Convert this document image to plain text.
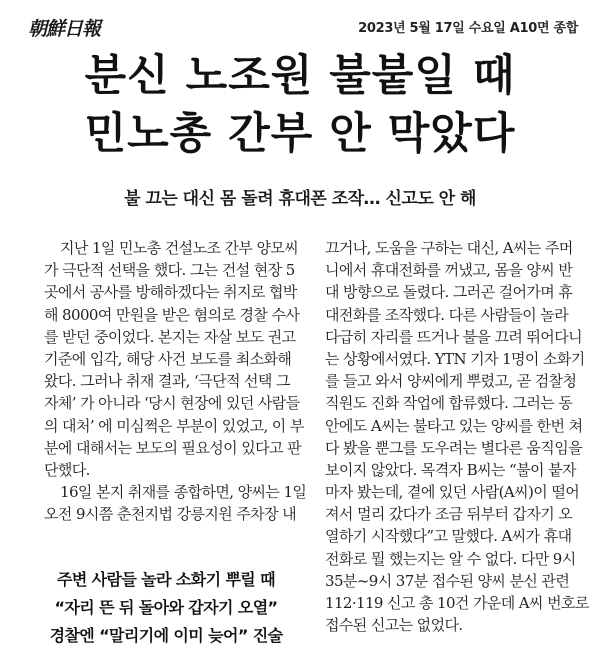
朝鮮日報	2023년 5월 17일 수요일 A10면 종합
분신 노조원 불붙일 때
민노총 간부 안 막았다
불 끄는 대신 몸 돌려 휴대폰 조작… 신고도 안 해
지난 1일 민노총 건설노조 간부 양모씨
가 극단적 선택을 했다. 그는 건설 현장 5
곳에서 공사를 방해하겠다는 취지로 협박
해 8000여 만원을 받은 혐의로 경찰 수사
를 받던 중이었다. 본지는 자살 보도 권고
기준에 입각, 해당 사건 보도를 최소화해
왔다. 그러나 취재 결과, ‘극단적 선택 그
자체’ 가 아니라 ‘당시 현장에 있던 사람들
의 대처’ 에 미심쩍은 부분이 있었고, 이 부
분에 대해서는 보도의 필요성이 있다고 판
단했다.
16일 본지 취재를 종합하면, 양씨는 1일
오전 9시쯤 춘천지법 강릉지원 주차장 내
주변 사람들 놀라 소화기 뿌릴 때
“자리 뜬 뒤 돌아와 갑자기 오열”
경찰엔 “말리기에 이미 늦어” 진술
끄거나, 도움을 구하는 대신, A씨는 주머
니에서 휴대전화를 꺼냈고, 몸을 양씨 반
대 방향으로 돌렸다. 그러곤 걸어가며 휴
대전화를 조작했다. 다른 사람들이 놀라
다급히 자리를 뜨거나 불을 끄려 뛰어다니
는 상황에서였다. YTN 기자 1명이 소화기
를 들고 와서 양씨에게 뿌렸고, 곧 검찰청
직원도 진화 작업에 합류했다. 그러는 동
안에도 A씨는 불타고 있는 양씨를 한번 쳐
다 봤을 뿐그를 도우려는 별다른 움직임을
보이지 않았다. 목격자 B씨는 “불이 붙자
마자 봤는데, 곁에 있던 사람(A씨)이 떨어
져서 멀리 갔다가 조금 뒤부터 갑자기 오
열하기 시작했다”고 말했다. A씨가 휴대
전화로 뭘 했는지는 알 수 없다. 다만 9시
35분~9시 37분 접수된 양씨 분신 관련
112·119 신고 총 10건 가운데 A씨 번호로
접수된 신고는 없었다.
